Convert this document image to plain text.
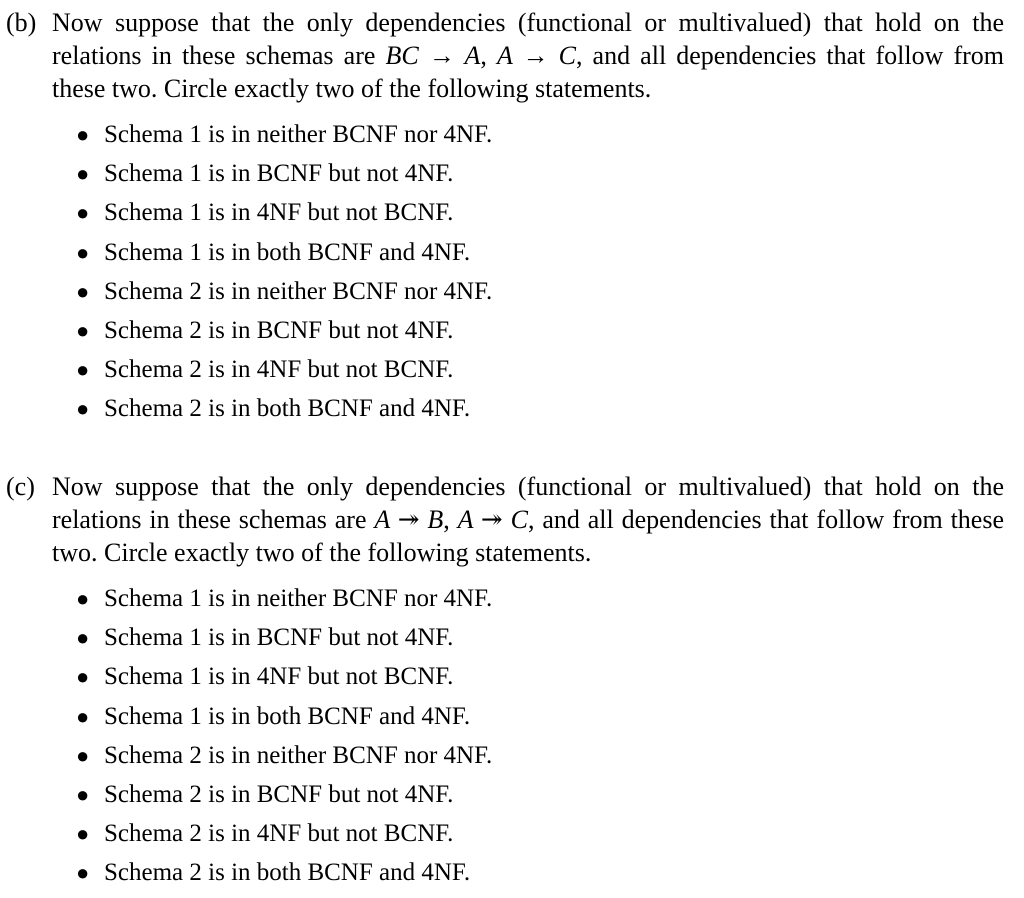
(b) Now suppose that the only dependencies (functional or multivalued) that hold on the relations in these schemas are BC → A, A → C, and all dependencies that follow from these two. Circle exactly two of the following statements.
● Schema 1 is in neither BCNF nor 4NF.
● Schema 1 is in BCNF but not 4NF.
● Schema 1 is in 4NF but not BCNF.
● Schema 1 is in both BCNF and 4NF.
● Schema 2 is in neither BCNF nor 4NF.
● Schema 2 is in BCNF but not 4NF.
● Schema 2 is in 4NF but not BCNF.
● Schema 2 is in both BCNF and 4NF.
(c) Now suppose that the only dependencies (functional or multivalued) that hold on the relations in these schemas are A ↠ B, A ↠ C, and all dependencies that follow from these two. Circle exactly two of the following statements.
● Schema 1 is in neither BCNF nor 4NF.
● Schema 1 is in BCNF but not 4NF.
● Schema 1 is in 4NF but not BCNF.
● Schema 1 is in both BCNF and 4NF.
● Schema 2 is in neither BCNF nor 4NF.
● Schema 2 is in BCNF but not 4NF.
● Schema 2 is in 4NF but not BCNF.
● Schema 2 is in both BCNF and 4NF.
